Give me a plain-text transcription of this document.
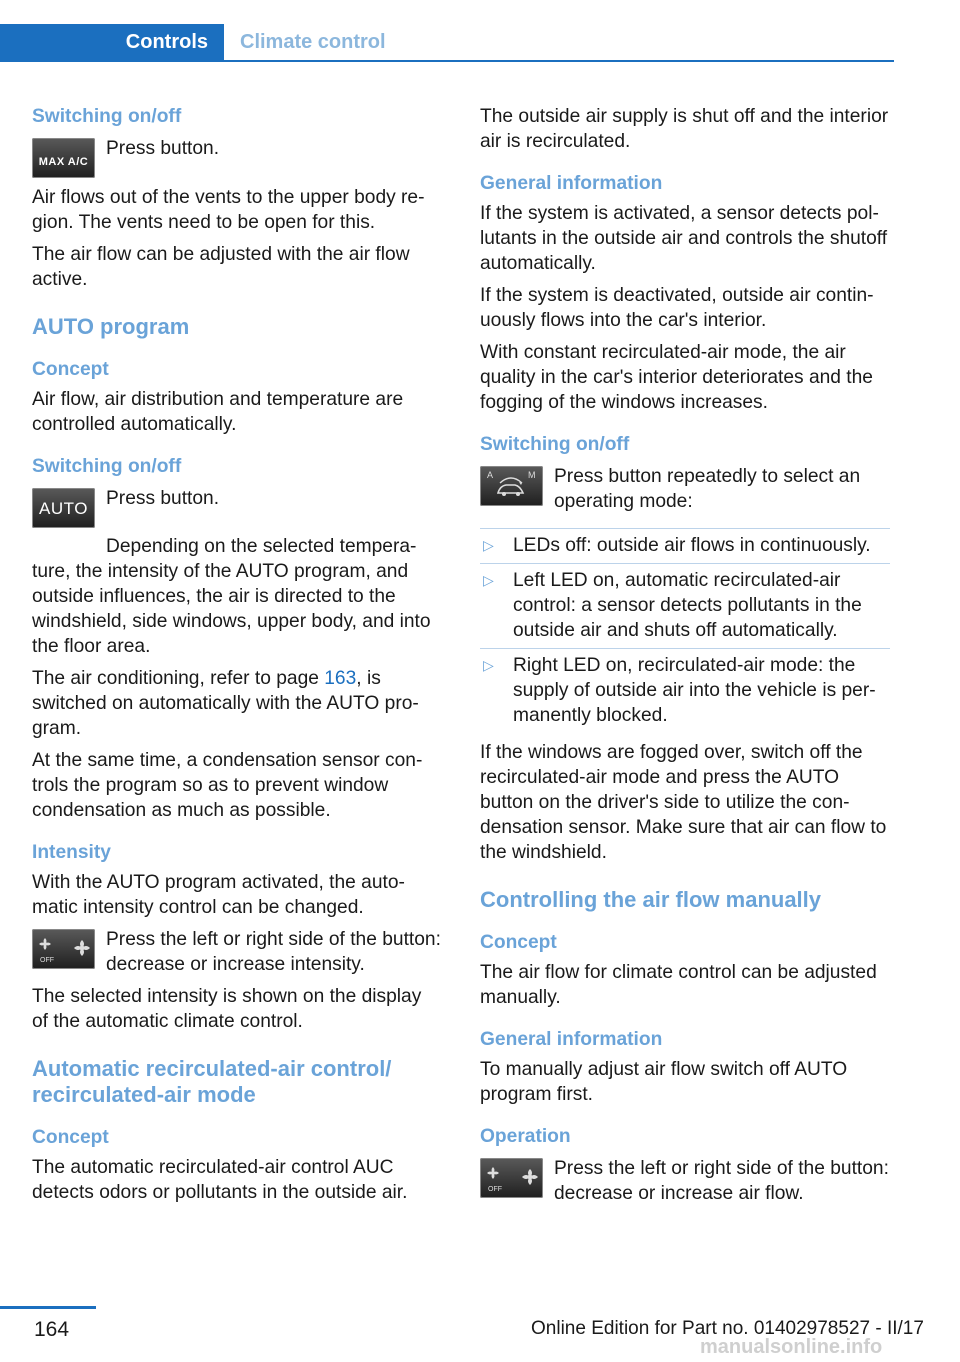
Controls Climate control
Switching on/off
MAX A/C
Press button.

Air flows out of the vents to the upper body region. The vents need to be open for this.

The air flow can be adjusted with the air flow active.

AUTO program
Concept

Air flow, air distribution and temperature are controlled automatically.

Switching on/off
AUTO Press button.

Depending on the selected temperature, the intensity of the AUTO program, and outside influences, the air is directed to the windshield, side windows, upper body, and into the floor area.

The air conditioning, refer to page 163, is switched on automatically with the AUTO program.

At the same time, a condensation sensor controls the program so as to prevent window condensation as much as possible.

Intensity

With the AUTO program activated, the automatic intensity control can be changed.

OFF
Press the left or right side of the button: decrease or increase intensity.

The selected intensity is shown on the display of the automatic climate control.

Automatic recirculated-air control/ recirculated-air mode
Concept

The automatic recirculated-air control AUC detects odors or pollutants in the outside air.

The outside air supply is shut off and the interior air is recirculated.

General information

If the system is activated, a sensor detects pollutants in the outside air and controls the shutoff automatically.

If the system is deactivated, outside air continuously flows into the car's interior.

With constant recirculated-air mode, the air quality in the car's interior deteriorates and the fogging of the windows increases.

Switching on/off
A	M Press button repeatedly to select an operating mode:
▷ LEDs off: outside air flows in continuously.
▷ Left LED on, automatic recirculated-air control: a sensor detects pollutants in the outside air and shuts off automatically.
▷ Right LED on, recirculated-air mode: the supply of outside air into the vehicle is permanently blocked.

If the windows are fogged over, switch off the recirculated-air mode and press the AUTO button on the driver's side to utilize the condensation sensor. Make sure that air can flow to the windshield.

Controlling the air flow manually
Concept

The air flow for climate control can be adjusted manually.

General information

To manually adjust air flow switch off AUTO program first.

Operation
OFF
Press the left or right side of the button: decrease or increase air flow.
164	Online Edition for Part no. 01402978527 - II/17
manualsonline.info
